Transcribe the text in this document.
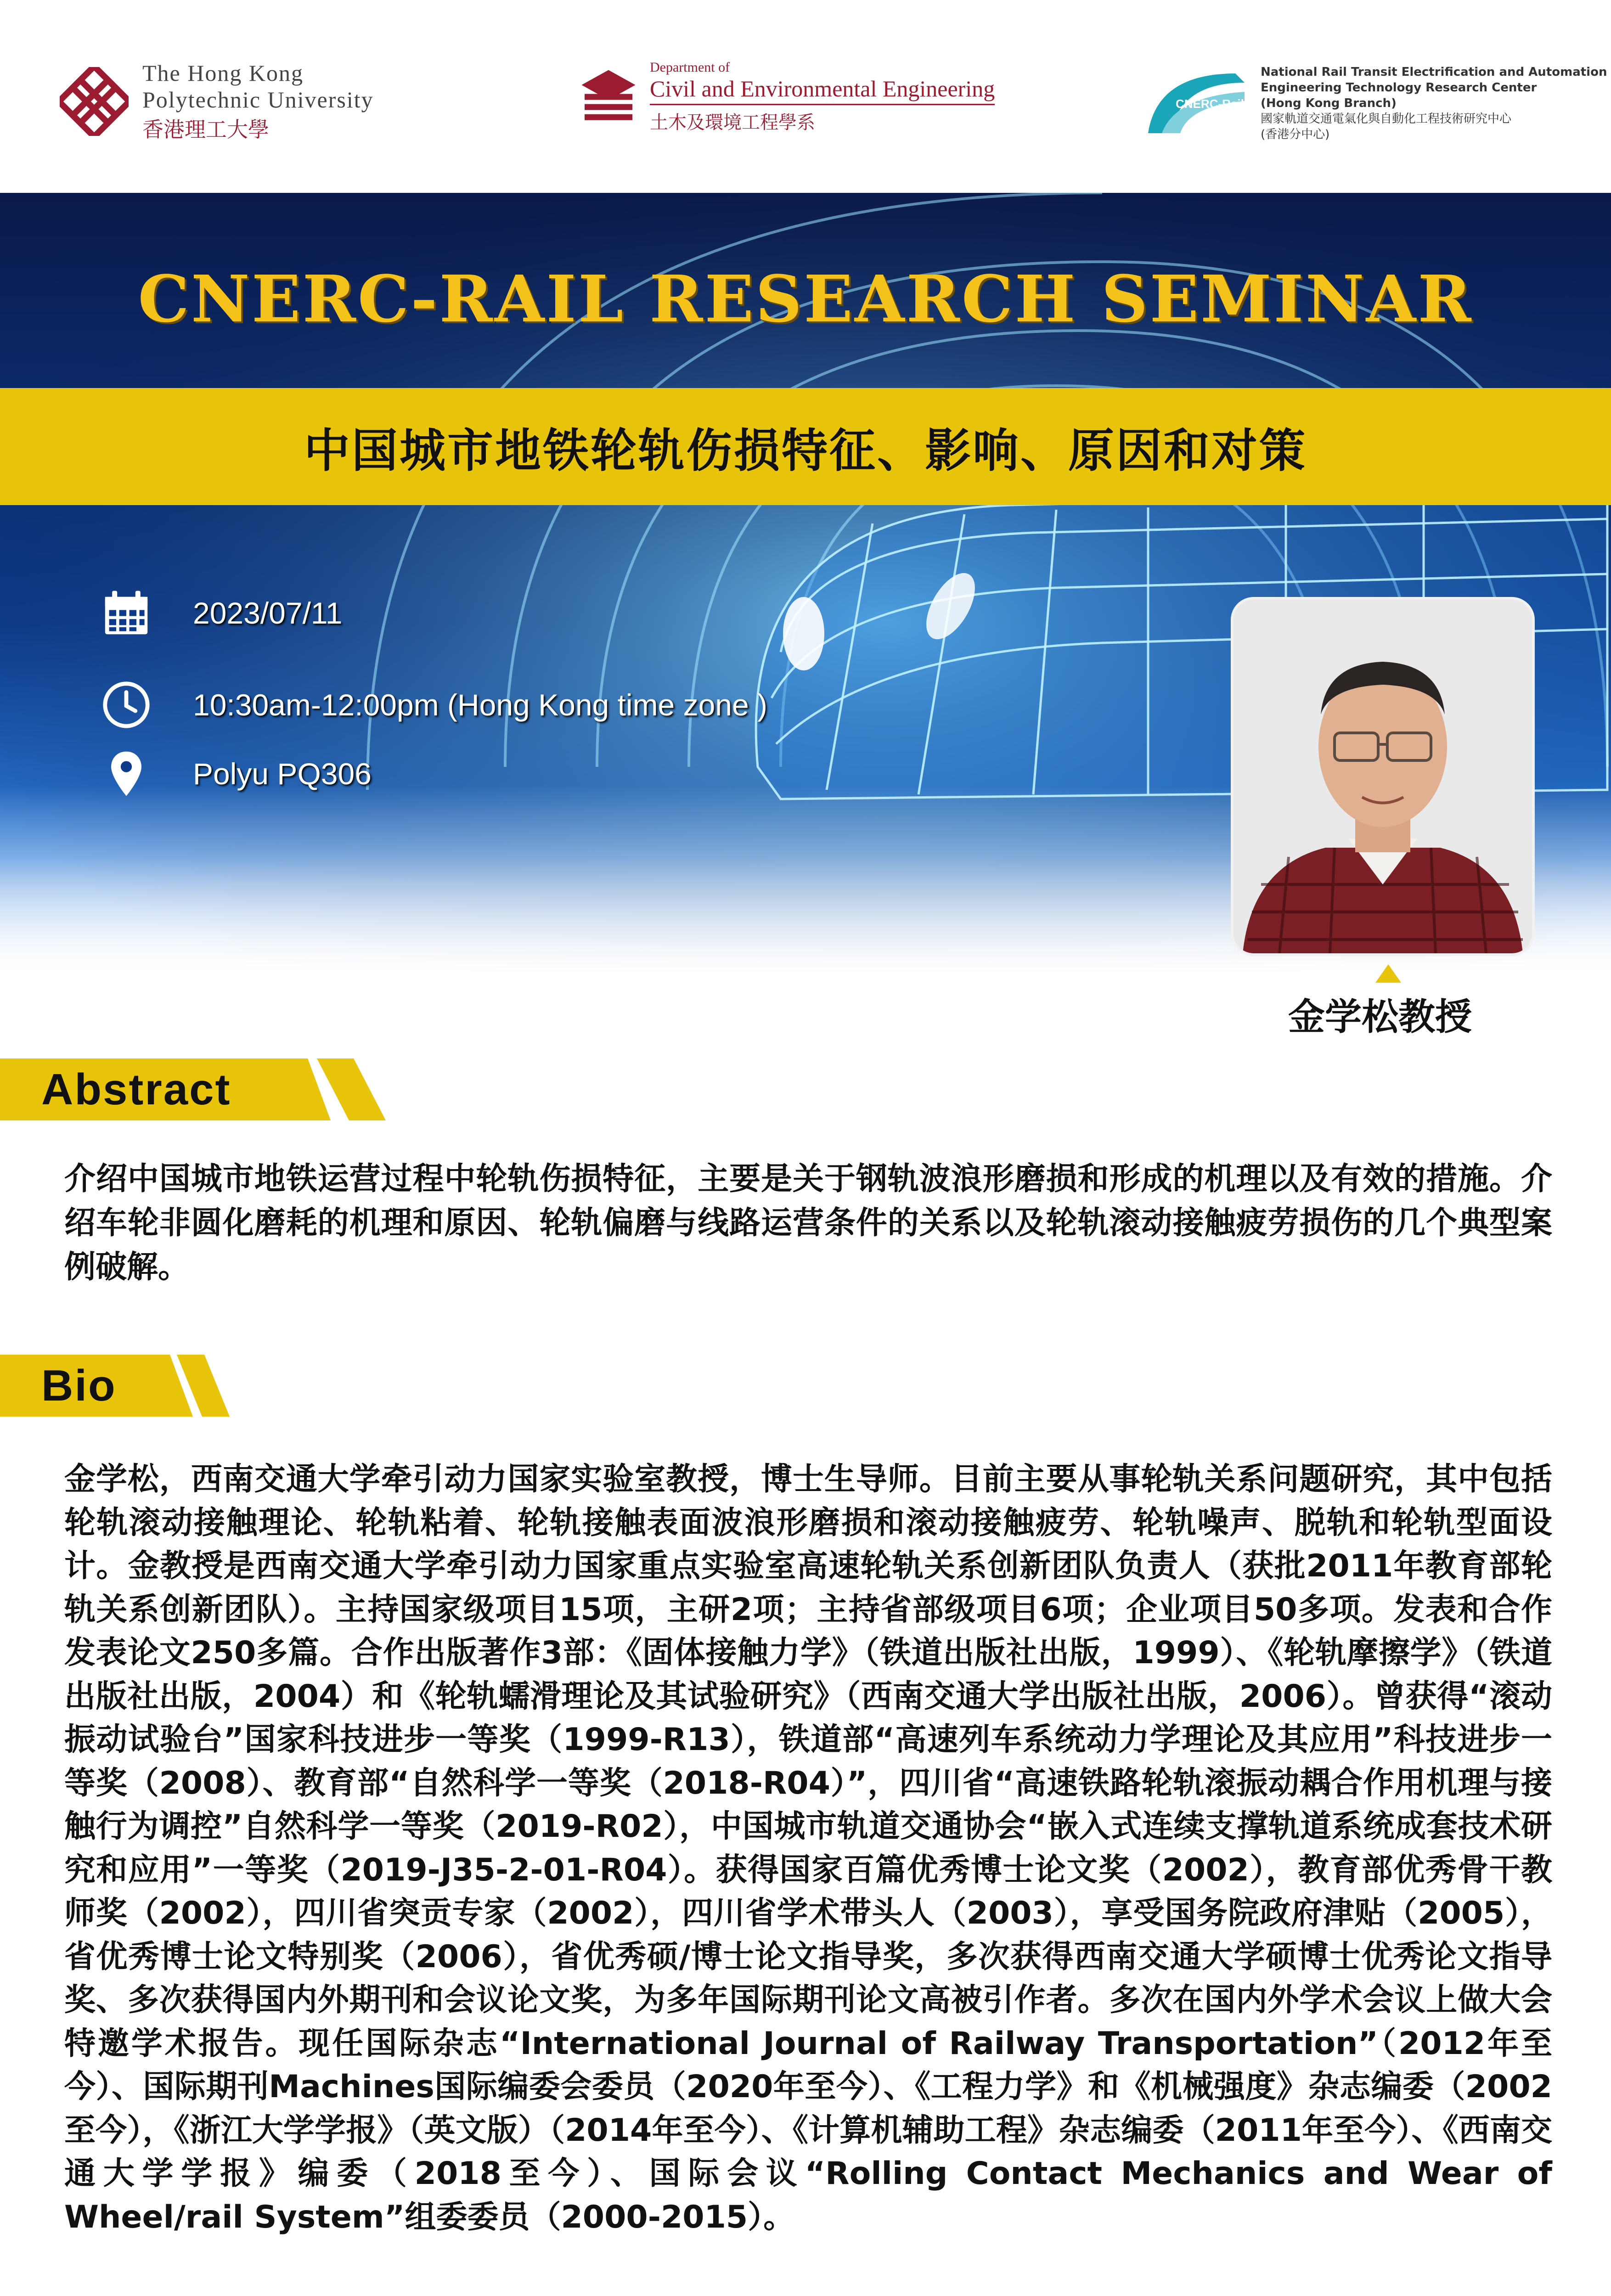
The Hong Kong
Polytechnic University
香港理工大學
Department of
Civil and Environmental Engineering
土木及環境工程學系
CNERC-Rail
National Rail Transit Electrification and Automation
Engineering Technology Research Center
(Hong Kong Branch)
國家軌道交通電氣化與自動化工程技術研究中心
(香港分中心)
CNERC-RAIL RESEARCH SEMINAR
中国城市地铁轮轨伤损特征、影响、原因和对策
2023/07/11
10:30am-12:00pm (Hong Kong time zone )
Polyu PQ306
金学松教授
Abstract
介绍中国城市地铁运营过程中轮轨伤损特征，主要是关于钢轨波浪形磨损和形成的机理以及有效的措施。介绍车轮非圆化磨耗的机理和原因、轮轨偏磨与线路运营条件的关系以及轮轨滚动接触疲劳损伤的几个典型案例破解。
Bio
金学松，西南交通大学牵引动力国家实验室教授，博士生导师。目前主要从事轮轨关系问题研究，其中包括轮轨滚动接触理论、轮轨粘着、轮轨接触表面波浪形磨损和滚动接触疲劳、轮轨噪声、脱轨和轮轨型面设计。金教授是西南交通大学牵引动力国家重点实验室高速轮轨关系创新团队负责人（获批2011年教育部轮轨关系创新团队）。主持国家级项目15项，主研2项；主持省部级项目6项；企业项目50多项。发表和合作发表论文250多篇。合作出版著作3部：《固体接触力学》（铁道出版社出版，1999）、《轮轨摩擦学》（铁道出版社出版，2004）和《轮轨蠕滑理论及其试验研究》（西南交通大学出版社出版，2006）。曾获得“滚动振动试验台”国家科技进步一等奖（1999-R13），铁道部“高速列车系统动力学理论及其应用”科技进步一等奖（2008）、教育部“自然科学一等奖（2018-R04）”，四川省“高速铁路轮轨滚振动耦合作用机理与接触行为调控”自然科学一等奖（2019-R02），中国城市轨道交通协会“嵌入式连续支撑轨道系统成套技术研究和应用”一等奖（2019-J35-2-01-R04）。获得国家百篇优秀博士论文奖（2002），教育部优秀骨干教师奖（2002），四川省突贡专家（2002），四川省学术带头人（2003），享受国务院政府津贴（2005），省优秀博士论文特别奖（2006），省优秀硕/博士论文指导奖，多次获得西南交通大学硕博士优秀论文指导奖、多次获得国内外期刊和会议论文奖，为多年国际期刊论文高被引作者。多次在国内外学术会议上做大会特邀学术报告。现任国际杂志“International Journal of Railway Transportation”（2012年至今）、国际期刊Machines国际编委会委员（2020年至今）、《工程力学》和《机械强度》杂志编委（2002至今），《浙江大学学报》（英文版）（2014年至今）、《计算机辅助工程》杂志编委（2011年至今）、《西南交通大学学报》编委（2018至今）、国际会议“Rolling Contact Mechanics and Wear of Wheel/rail System”组委委员（2000-2015）。
